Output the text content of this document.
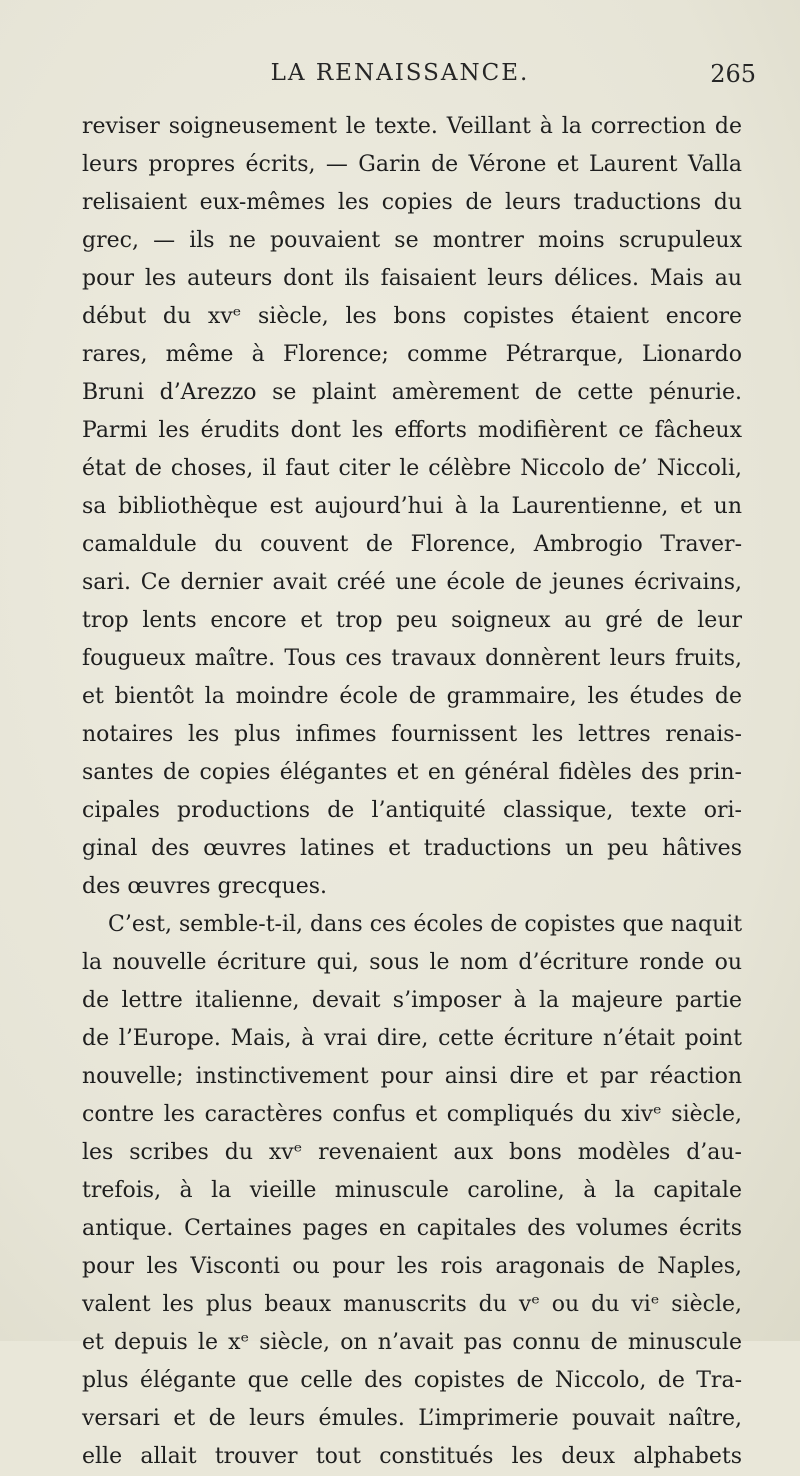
LA RENAISSANCE.	265
reviser soigneusement le texte. Veillant à la correction de
leurs propres écrits, — Garin de Vérone et Laurent Valla
relisaient eux-mêmes les copies de leurs traductions du
grec, — ils ne pouvaient se montrer moins scrupuleux
pour les auteurs dont ils faisaient leurs délices. Mais au
début du xvᵉ siècle, les bons copistes étaient encore
rares, même à Florence; comme Pétrarque, Lionardo
Bruni d’Arezzo se plaint amèrement de cette pénurie.
Parmi les érudits dont les efforts modifièrent ce fâcheux
état de choses, il faut citer le célèbre Niccolo de’ Niccoli,
sa bibliothèque est aujourd’hui à la Laurentienne, et un
camaldule du couvent de Florence, Ambrogio Traver-
sari. Ce dernier avait créé une école de jeunes écrivains,
trop lents encore et trop peu soigneux au gré de leur
fougueux maître. Tous ces travaux donnèrent leurs fruits,
et bientôt la moindre école de grammaire, les études de
notaires les plus infimes fournissent les lettres renais-
santes de copies élégantes et en général fidèles des prin-
cipales productions de l’antiquité classique, texte ori-
ginal des œuvres latines et traductions un peu hâtives
des œuvres grecques.
C’est, semble-t-il, dans ces écoles de copistes que naquit
la nouvelle écriture qui, sous le nom d’écriture ronde ou
de lettre italienne, devait s’imposer à la majeure partie
de l’Europe. Mais, à vrai dire, cette écriture n’était point
nouvelle; instinctivement pour ainsi dire et par réaction
contre les caractères confus et compliqués du xivᵉ siècle,
les scribes du xvᵉ revenaient aux bons modèles d’au-
trefois, à la vieille minuscule caroline, à la capitale
antique. Certaines pages en capitales des volumes écrits
pour les Visconti ou pour les rois aragonais de Naples,
valent les plus beaux manuscrits du vᵉ ou du viᵉ siècle,
et depuis le xᵉ siècle, on n’avait pas connu de minuscule
plus élégante que celle des copistes de Niccolo, de Tra-
versari et de leurs émules. L’imprimerie pouvait naître,
elle allait trouver tout constitués les deux alphabets
